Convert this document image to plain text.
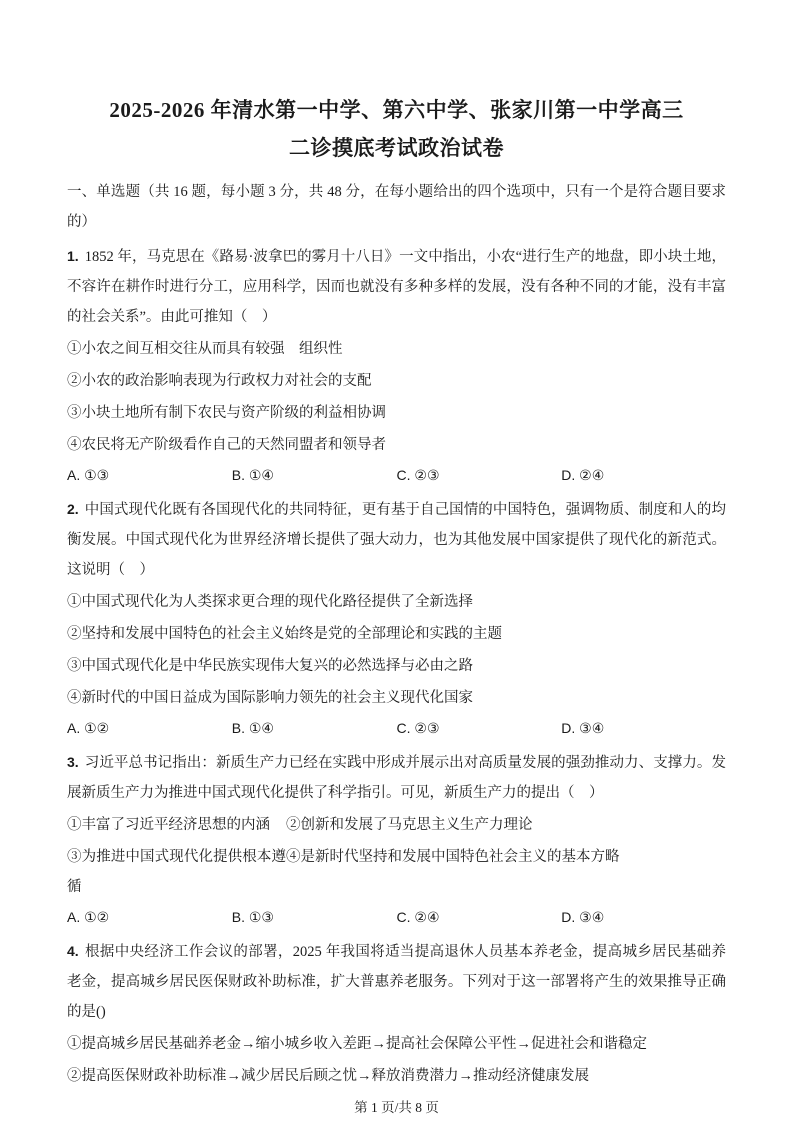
2025-2026 年清水第一中学、第六中学、张家川第一中学高三

二诊摸底考试政治试卷

一、单选题（共 16 题，每小题 3 分，共 48 分，在每小题给出的四个选项中，只有一个是符合题目要求的）

1. 1852 年，马克思在《路易·波拿巴的雾月十八日》一文中指出，小农“进行生产的地盘，即小块土地，不容许在耕作时进行分工，应用科学，因而也就没有多种多样的发展，没有各种不同的才能，没有丰富的社会关系”。由此可推知（　）

①小农之间互相交往从而具有较强　组织性

②小农的政治影响表现为行政权力对社会的支配

③小块土地所有制下农民与资产阶级的利益相协调

④农民将无产阶级看作自己的天然同盟者和领导者

A. ①③	B. ①④	C. ②③	D. ②④

2. 中国式现代化既有各国现代化的共同特征，更有基于自己国情的中国特色，强调物质、制度和人的均衡发展。中国式现代化为世界经济增长提供了强大动力，也为其他发展中国家提供了现代化的新范式。这说明（　）

①中国式现代化为人类探求更合理的现代化路径提供了全新选择

②坚持和发展中国特色的社会主义始终是党的全部理论和实践的主题

③中国式现代化是中华民族实现伟大复兴的必然选择与必由之路

④新时代的中国日益成为国际影响力领先的社会主义现代化国家

A. ①②	B. ①④	C. ②③	D. ③④

3. 习近平总书记指出：新质生产力已经在实践中形成并展示出对高质量发展的强劲推动力、支撑力。发展新质生产力为推进中国式现代化提供了科学指引。可见，新质生产力的提出（　）

①丰富了习近平经济思想的内涵	②创新和发展了马克思主义生产力理论
③为推进中国式现代化提供根本遵循
④是新时代坚持和发展中国特色社会主义的基本方略
A. ①②	B. ①③	C. ②④	D. ③④

4. 根据中央经济工作会议的部署，2025 年我国将适当提高退休人员基本养老金，提高城乡居民基础养老金，提高城乡居民医保财政补助标准，扩大普惠养老服务。下列对于这一部署将产生的效果推导正确的是()

①提高城乡居民基础养老金→缩小城乡收入差距→提高社会保障公平性→促进社会和谐稳定

②提高医保财政补助标准→减少居民后顾之忧→释放消费潜力→推动经济健康发展

第 1 页/共 8 页
